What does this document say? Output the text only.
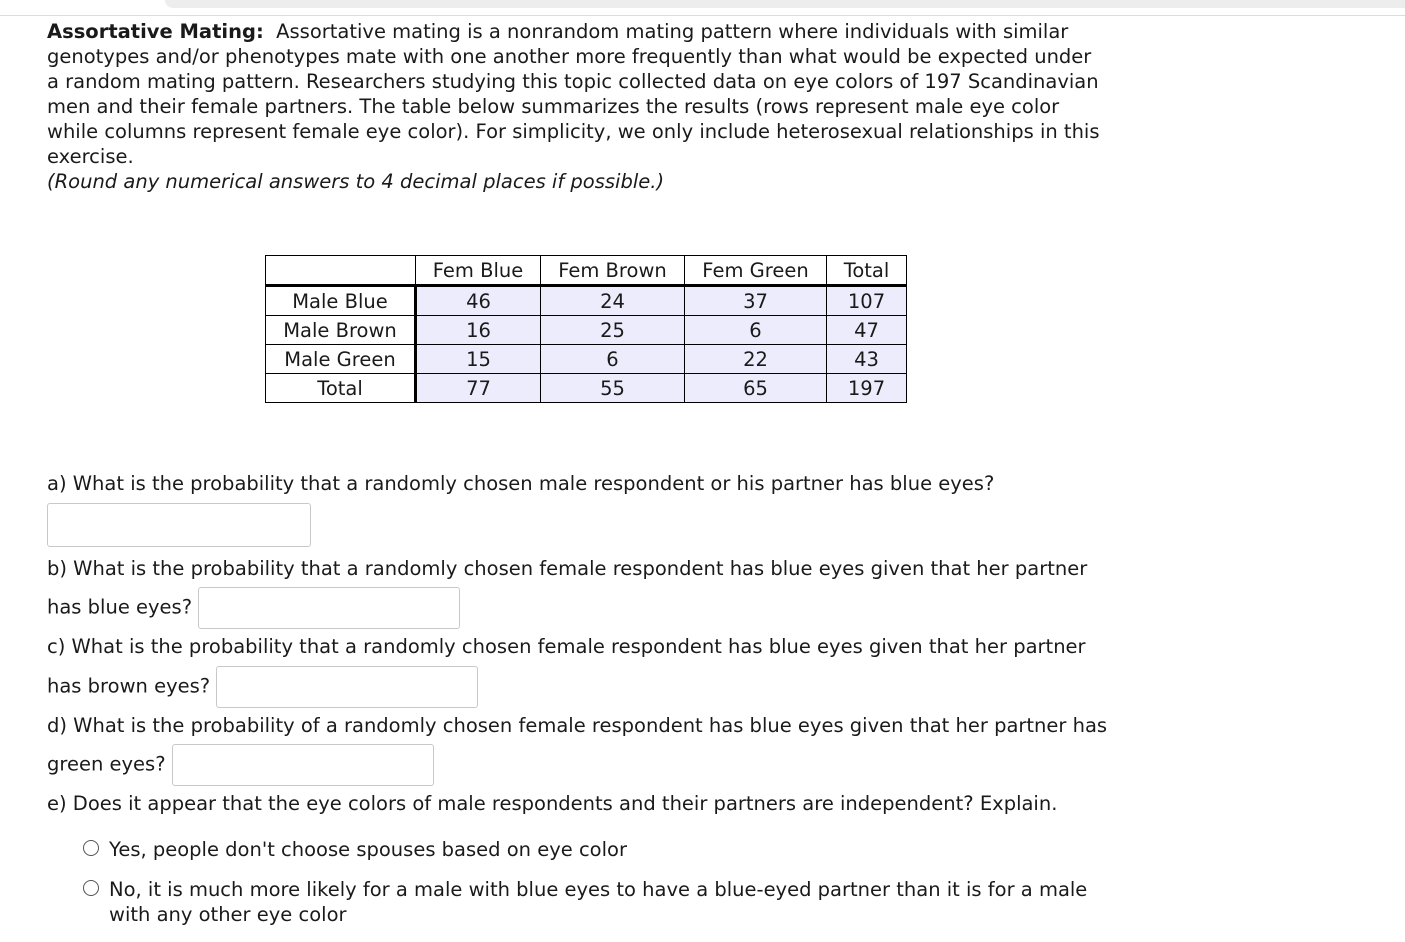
Assortative Mating: Assortative mating is a nonrandom mating pattern where individuals with similar genotypes and/or phenotypes mate with one another more frequently than what would be expected under a random mating pattern. Researchers studying this topic collected data on eye colors of 197 Scandinavian men and their female partners. The table below summarizes the results (rows represent male eye color while columns represent female eye color). For simplicity, we only include heterosexual relationships in this exercise.
(Round any numerical answers to 4 decimal places if possible.)
	Fem Blue	Fem Brown	Fem Green	Total
Male Blue	46	24	37	107
Male Brown	16	25	6	47
Male Green	15	6	22	43
Total	77	55	65	197
a) What is the probability that a randomly chosen male respondent or his partner has blue eyes?
b) What is the probability that a randomly chosen female respondent has blue eyes given that her partner has blue eyes?
c) What is the probability that a randomly chosen female respondent has blue eyes given that her partner has brown eyes?
d) What is the probability of a randomly chosen female respondent has blue eyes given that her partner has green eyes?
e) Does it appear that the eye colors of male respondents and their partners are independent? Explain.
Yes, people don't choose spouses based on eye color
No, it is much more likely for a male with blue eyes to have a blue-eyed partner than it is for a male with any other eye color
